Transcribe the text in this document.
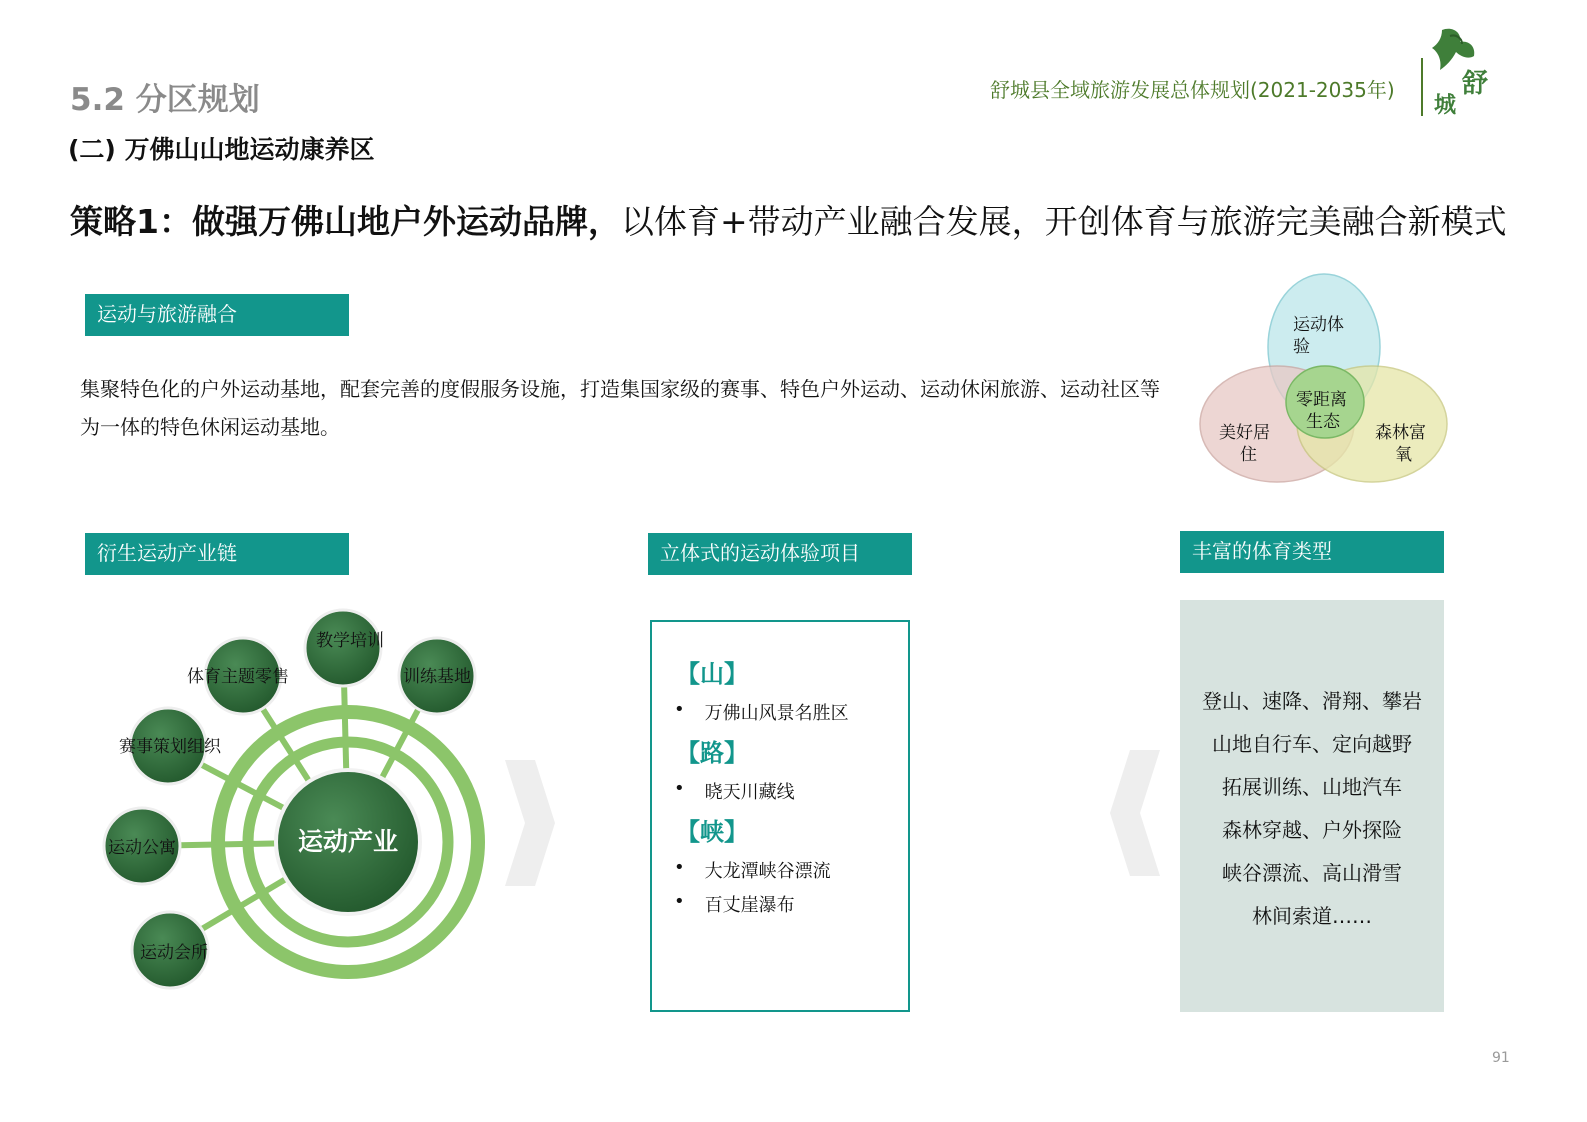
5.2 分区规划
(二) 万佛山山地运动康养区
舒城县全域旅游发展总体规划(2021-2035年)	舒
城
策略1：做强万佛山地户外运动品牌，以体育+带动产业融合发展，开创体育与旅游完美融合新模式
运动与旅游融合
集聚特色化的户外运动基地，配套完善的度假服务设施，打造集国家级的赛事、特色户外运动、运动休闲旅游、运动社区等为一体的特色休闲运动基地。
运动体
验
美好居
住
森林富
氧
零距离
生态
衍生运动产业链
运动产业
教学培训
体育主题零售	训练基地
赛事策划组织
运动公寓
运动会所
立体式的运动体验项目
【山】
• 万佛山风景名胜区
【路】
• 晓天川藏线
【峡】
• 大龙潭峡谷漂流
• 百丈崖瀑布
丰富的体育类型
登山、速降、滑翔、攀岩
山地自行车、定向越野
拓展训练、山地汽车
森林穿越、户外探险
峡谷漂流、高山滑雪
林间索道……
91
